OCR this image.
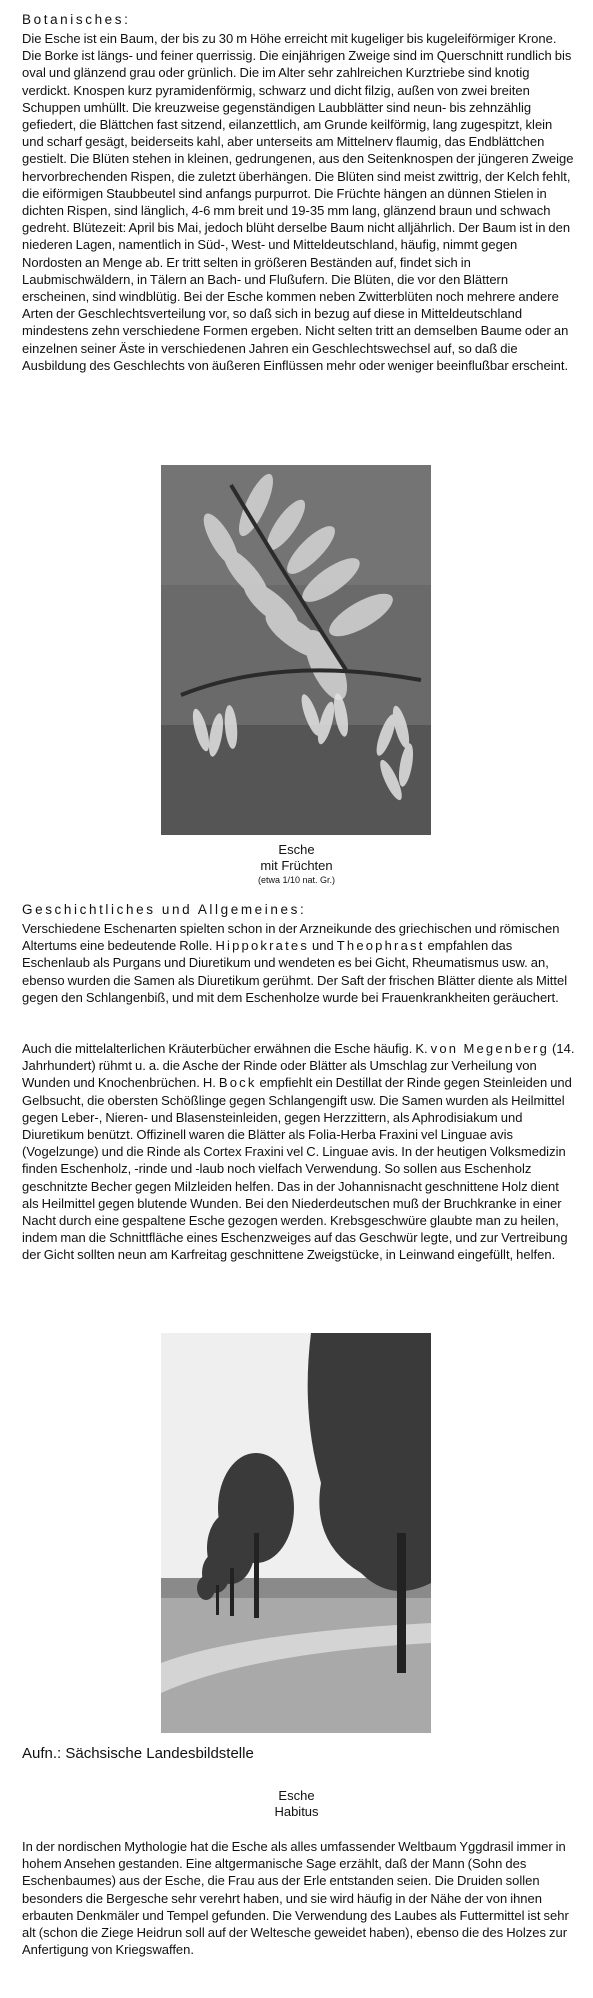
Botanisches:

Die Esche ist ein Baum, der bis zu 30 m Höhe erreicht mit kugeliger bis kugeleiförmiger Krone. Die Borke ist längs- und feiner querrissig. Die einjährigen Zweige sind im Querschnitt rundlich bis oval und glänzend grau oder grünlich. Die im Alter sehr zahlreichen Kurztriebe sind knotig verdickt. Knospen kurz pyramidenförmig, schwarz und dicht filzig, außen von zwei breiten Schuppen umhüllt. Die kreuzweise gegenständigen Laubblätter sind neun- bis zehnzählig gefiedert, die Blättchen fast sitzend, eilanzettlich, am Grunde keilförmig, lang zugespitzt, klein und scharf gesägt, beiderseits kahl, aber unterseits am Mittelnerv flaumig, das Endblättchen gestielt. Die Blüten stehen in kleinen, gedrungenen, aus den Seitenknospen der jüngeren Zweige hervorbrechenden Rispen, die zuletzt überhängen. Die Blüten sind meist zwittrig, der Kelch fehlt, die eiförmigen Staubbeutel sind anfangs purpurrot. Die Früchte hängen an dünnen Stielen in dichten Rispen, sind länglich, 4-6 mm breit und 19-35 mm lang, glänzend braun und schwach gedreht. Blütezeit: April bis Mai, jedoch blüht derselbe Baum nicht alljährlich. Der Baum ist in den niederen Lagen, namentlich in Süd-, West- und Mitteldeutschland, häufig, nimmt gegen Nordosten an Menge ab. Er tritt selten in größeren Beständen auf, findet sich in Laubmischwäldern, in Tälern an Bach- und Flußufern. Die Blüten, die vor den Blättern erscheinen, sind windblütig. Bei der Esche kommen neben Zwitterblüten noch mehrere andere Arten der Geschlechtsverteilung vor, so daß sich in bezug auf diese in Mitteldeutschland mindestens zehn verschiedene Formen ergeben. Nicht selten tritt an demselben Baume oder an einzelnen seiner Äste in verschiedenen Jahren ein Geschlechtswechsel auf, so daß die Ausbildung des Geschlechts von äußeren Einflüssen mehr oder weniger beeinflußbar erscheint.

Esche
mit Früchten
(etwa 1/10 nat. Gr.)
Geschichtliches und Allgemeines:

Verschiedene Eschenarten spielten schon in der Arzneikunde des griechischen und römischen Altertums eine bedeutende Rolle. Hippokrates und Theophrast empfahlen das Eschenlaub als Purgans und Diuretikum und wendeten es bei Gicht, Rheumatismus usw. an, ebenso wurden die Samen als Diuretikum gerühmt. Der Saft der frischen Blätter diente als Mittel gegen den Schlangenbiß, und mit dem Eschenholze wurde bei Frauenkrankheiten geräuchert.

Auch die mittelalterlichen Kräuterbücher erwähnen die Esche häufig. K. von Megenberg (14. Jahrhundert) rühmt u. a. die Asche der Rinde oder Blätter als Umschlag zur Verheilung von Wunden und Knochenbrüchen. H. Bock empfiehlt ein Destillat der Rinde gegen Steinleiden und Gelbsucht, die obersten Schößlinge gegen Schlangengift usw. Die Samen wurden als Heilmittel gegen Leber-, Nieren- und Blasensteinleiden, gegen Herzzittern, als Aphrodisiakum und Diuretikum benützt. Offizinell waren die Blätter als Folia-Herba Fraxini vel Linguae avis (Vogelzunge) und die Rinde als Cortex Fraxini vel C. Linguae avis. In der heutigen Volksmedizin finden Eschenholz, -rinde und -laub noch vielfach Verwendung. So sollen aus Eschenholz geschnitzte Becher gegen Milzleiden helfen. Das in der Johannisnacht geschnittene Holz dient als Heilmittel gegen blutende Wunden. Bei den Niederdeutschen muß der Bruchkranke in einer Nacht durch eine gespaltene Esche gezogen werden. Krebsgeschwüre glaubte man zu heilen, indem man die Schnittfläche eines Eschenzweiges auf das Geschwür legte, und zur Vertreibung der Gicht sollten neun am Karfreitag geschnittene Zweigstücke, in Leinwand eingefüllt, helfen.

Aufn.: Sächsische Landesbildstelle

Esche
Habitus

In der nordischen Mythologie hat die Esche als alles umfassender Weltbaum Yggdrasil immer in hohem Ansehen gestanden. Eine altgermanische Sage erzählt, daß der Mann (Sohn des Eschenbaumes) aus der Esche, die Frau aus der Erle entstanden seien. Die Druiden sollen besonders die Bergesche sehr verehrt haben, und sie wird häufig in der Nähe der von ihnen erbauten Denkmäler und Tempel gefunden. Die Verwendung des Laubes als Futtermittel ist sehr alt (schon die Ziege Heidrun soll auf der Weltesche geweidet haben), ebenso die des Holzes zur Anfertigung von Kriegswaffen.
